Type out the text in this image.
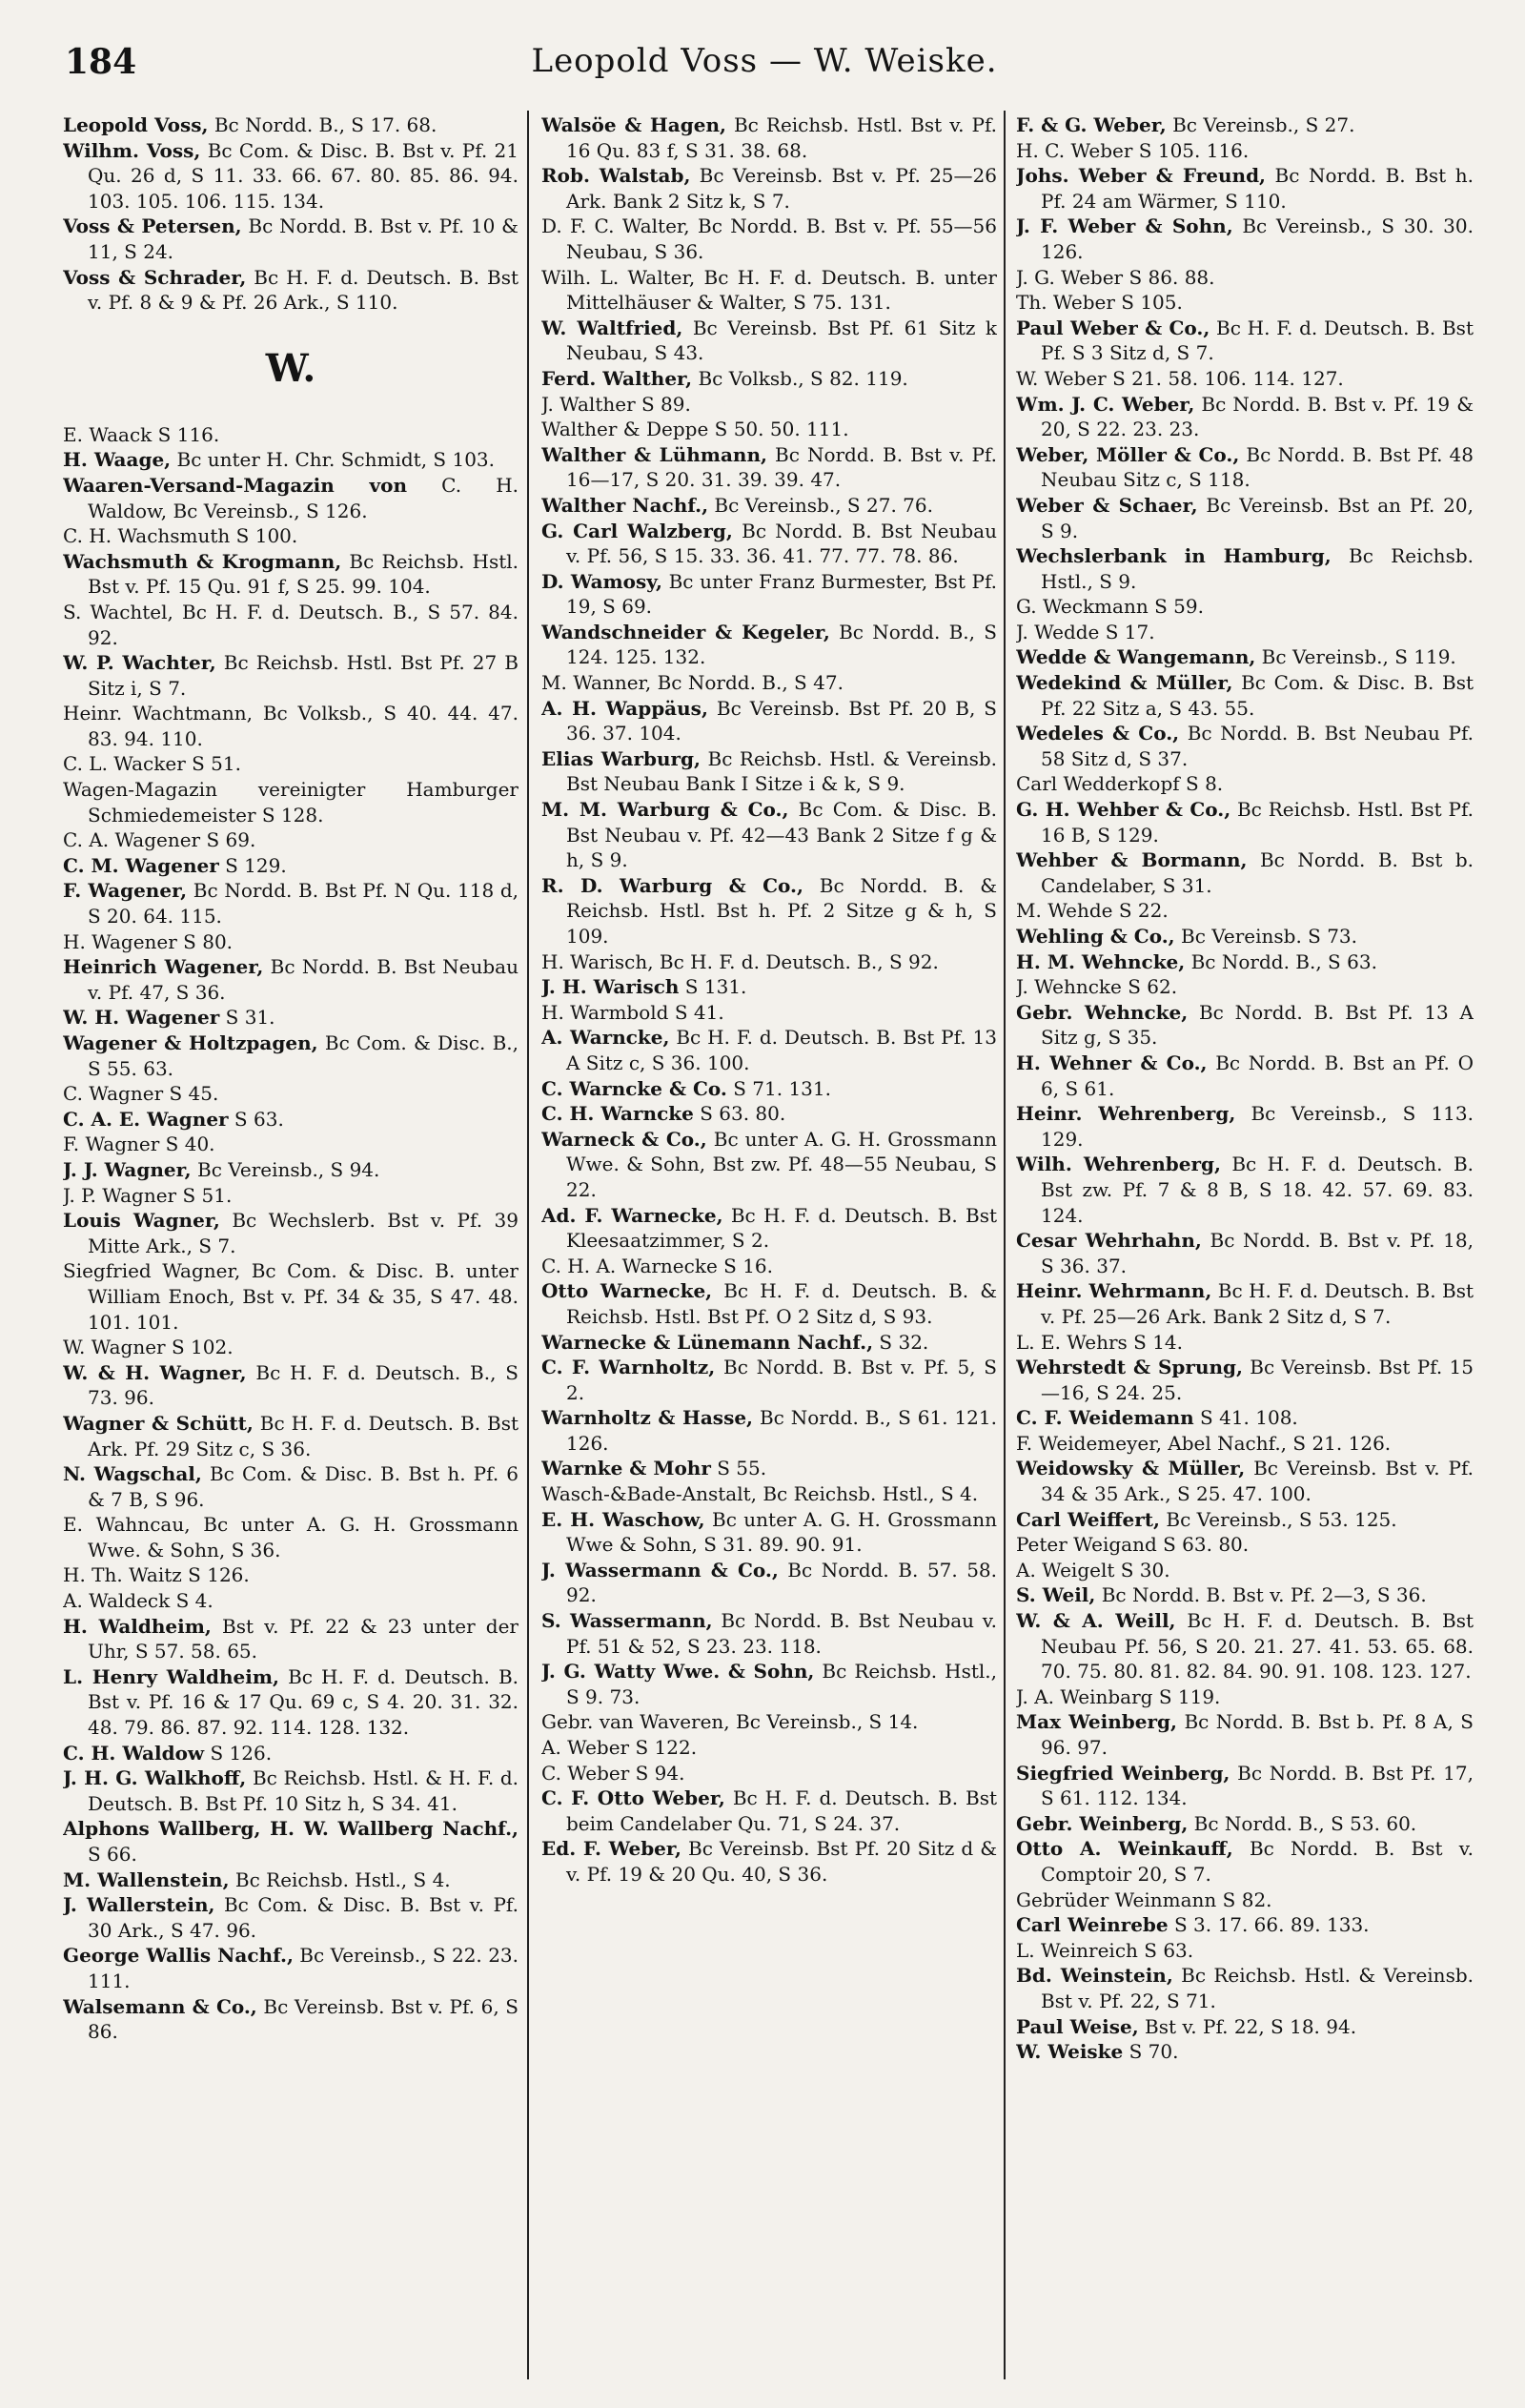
184	Leopold Voss — W. Weiske.

Leopold Voss, Bc Nordd. B., S 17. 68.

Wilhm. Voss, Bc Com. & Disc. B. Bst v. Pf. 21 Qu. 26 d, S 11. 33. 66. 67. 80. 85. 86. 94. 103. 105. 106. 115. 134.

Voss & Petersen, Bc Nordd. B. Bst v. Pf. 10 & 11, S 24.

Voss & Schrader, Bc H. F. d. Deutsch. B. Bst v. Pf. 8 & 9 & Pf. 26 Ark., S 110.

W.

E. Waack S 116.

H. Waage, Bc unter H. Chr. Schmidt, S 103.

Waaren-Versand-Magazin von C. H. Waldow, Bc Vereinsb., S 126.

C. H. Wachsmuth S 100.

Wachsmuth & Krogmann, Bc Reichsb. Hstl. Bst v. Pf. 15 Qu. 91 f, S 25. 99. 104.

S. Wachtel, Bc H. F. d. Deutsch. B., S 57. 84. 92.

W. P. Wachter, Bc Reichsb. Hstl. Bst Pf. 27 B Sitz i, S 7.

Heinr. Wachtmann, Bc Volksb., S 40. 44. 47. 83. 94. 110.

C. L. Wacker S 51.

Wagen-Magazin vereinigter Hamburger Schmiedemeister S 128.

C. A. Wagener S 69.

C. M. Wagener S 129.

F. Wagener, Bc Nordd. B. Bst Pf. N Qu. 118 d, S 20. 64. 115.

H. Wagener S 80.

Heinrich Wagener, Bc Nordd. B. Bst Neubau v. Pf. 47, S 36.

W. H. Wagener S 31.

Wagener & Holtzpagen, Bc Com. & Disc. B., S 55. 63.

C. Wagner S 45.

C. A. E. Wagner S 63.

F. Wagner S 40.

J. J. Wagner, Bc Vereinsb., S 94.

J. P. Wagner S 51.

Louis Wagner, Bc Wechslerb. Bst v. Pf. 39 Mitte Ark., S 7.

Siegfried Wagner, Bc Com. & Disc. B. unter William Enoch, Bst v. Pf. 34 & 35, S 47. 48. 101. 101.

W. Wagner S 102.

W. & H. Wagner, Bc H. F. d. Deutsch. B., S 73. 96.

Wagner & Schütt, Bc H. F. d. Deutsch. B. Bst Ark. Pf. 29 Sitz c, S 36.

N. Wagschal, Bc Com. & Disc. B. Bst h. Pf. 6 & 7 B, S 96.

E. Wahncau, Bc unter A. G. H. Grossmann Wwe. & Sohn, S 36.

H. Th. Waitz S 126.

A. Waldeck S 4.

H. Waldheim, Bst v. Pf. 22 & 23 unter der Uhr, S 57. 58. 65.

L. Henry Waldheim, Bc H. F. d. Deutsch. B. Bst v. Pf. 16 & 17 Qu. 69 c, S 4. 20. 31. 32. 48. 79. 86. 87. 92. 114. 128. 132.

C. H. Waldow S 126.

J. H. G. Walkhoff, Bc Reichsb. Hstl. & H. F. d. Deutsch. B. Bst Pf. 10 Sitz h, S 34. 41.

Alphons Wallberg, H. W. Wallberg Nachf., S 66.

M. Wallenstein, Bc Reichsb. Hstl., S 4.

J. Wallerstein, Bc Com. & Disc. B. Bst v. Pf. 30 Ark., S 47. 96.

George Wallis Nachf., Bc Vereinsb., S 22. 23. 111.

Walsemann & Co., Bc Vereinsb. Bst v. Pf. 6, S 86.

Walsöe & Hagen, Bc Reichsb. Hstl. Bst v. Pf. 16 Qu. 83 f, S 31. 38. 68.

Rob. Walstab, Bc Vereinsb. Bst v. Pf. 25—26 Ark. Bank 2 Sitz k, S 7.

D. F. C. Walter, Bc Nordd. B. Bst v. Pf. 55—56 Neubau, S 36.

Wilh. L. Walter, Bc H. F. d. Deutsch. B. unter Mittelhäuser & Walter, S 75. 131.

W. Waltfried, Bc Vereinsb. Bst Pf. 61 Sitz k Neubau, S 43.

Ferd. Walther, Bc Volksb., S 82. 119.

J. Walther S 89.

Walther & Deppe S 50. 50. 111.

Walther & Lühmann, Bc Nordd. B. Bst v. Pf. 16—17, S 20. 31. 39. 39. 47.

Walther Nachf., Bc Vereinsb., S 27. 76.

G. Carl Walzberg, Bc Nordd. B. Bst Neubau v. Pf. 56, S 15. 33. 36. 41. 77. 77. 78. 86.

D. Wamosy, Bc unter Franz Burmester, Bst Pf. 19, S 69.

Wandschneider & Kegeler, Bc Nordd. B., S 124. 125. 132.

M. Wanner, Bc Nordd. B., S 47.

A. H. Wappäus, Bc Vereinsb. Bst Pf. 20 B, S 36. 37. 104.

Elias Warburg, Bc Reichsb. Hstl. & Vereinsb. Bst Neubau Bank I Sitze i & k, S 9.

M. M. Warburg & Co., Bc Com. & Disc. B. Bst Neubau v. Pf. 42—43 Bank 2 Sitze f g & h, S 9.

R. D. Warburg & Co., Bc Nordd. B. & Reichsb. Hstl. Bst h. Pf. 2 Sitze g & h, S 109.

H. Warisch, Bc H. F. d. Deutsch. B., S 92.

J. H. Warisch S 131.

H. Warmbold S 41.

A. Warncke, Bc H. F. d. Deutsch. B. Bst Pf. 13 A Sitz c, S 36. 100.

C. Warncke & Co. S 71. 131.

C. H. Warncke S 63. 80.

Warneck & Co., Bc unter A. G. H. Grossmann Wwe. & Sohn, Bst zw. Pf. 48—55 Neubau, S 22.

Ad. F. Warnecke, Bc H. F. d. Deutsch. B. Bst Kleesaatzimmer, S 2.

C. H. A. Warnecke S 16.

Otto Warnecke, Bc H. F. d. Deutsch. B. & Reichsb. Hstl. Bst Pf. O 2 Sitz d, S 93.

Warnecke & Lünemann Nachf., S 32.

C. F. Warnholtz, Bc Nordd. B. Bst v. Pf. 5, S 2.

Warnholtz & Hasse, Bc Nordd. B., S 61. 121. 126.

Warnke & Mohr S 55.

Wasch-&Bade-Anstalt, Bc Reichsb. Hstl., S 4.

E. H. Waschow, Bc unter A. G. H. Grossmann Wwe & Sohn, S 31. 89. 90. 91.

J. Wassermann & Co., Bc Nordd. B. 57. 58. 92.

S. Wassermann, Bc Nordd. B. Bst Neubau v. Pf. 51 & 52, S 23. 23. 118.

J. G. Watty Wwe. & Sohn, Bc Reichsb. Hstl., S 9. 73.

Gebr. van Waveren, Bc Vereinsb., S 14.

A. Weber S 122.

C. Weber S 94.

C. F. Otto Weber, Bc H. F. d. Deutsch. B. Bst beim Candelaber Qu. 71, S 24. 37.

Ed. F. Weber, Bc Vereinsb. Bst Pf. 20 Sitz d & v. Pf. 19 & 20 Qu. 40, S 36.

F. & G. Weber, Bc Vereinsb., S 27.

H. C. Weber S 105. 116.

Johs. Weber & Freund, Bc Nordd. B. Bst h. Pf. 24 am Wärmer, S 110.

J. F. Weber & Sohn, Bc Vereinsb., S 30. 30. 126.

J. G. Weber S 86. 88.

Th. Weber S 105.

Paul Weber & Co., Bc H. F. d. Deutsch. B. Bst Pf. S 3 Sitz d, S 7.

W. Weber S 21. 58. 106. 114. 127.

Wm. J. C. Weber, Bc Nordd. B. Bst v. Pf. 19 & 20, S 22. 23. 23.

Weber, Möller & Co., Bc Nordd. B. Bst Pf. 48 Neubau Sitz c, S 118.

Weber & Schaer, Bc Vereinsb. Bst an Pf. 20, S 9.

Wechslerbank in Hamburg, Bc Reichsb. Hstl., S 9.

G. Weckmann S 59.

J. Wedde S 17.

Wedde & Wangemann, Bc Vereinsb., S 119.

Wedekind & Müller, Bc Com. & Disc. B. Bst Pf. 22 Sitz a, S 43. 55.

Wedeles & Co., Bc Nordd. B. Bst Neubau Pf. 58 Sitz d, S 37.

Carl Wedderkopf S 8.

G. H. Wehber & Co., Bc Reichsb. Hstl. Bst Pf. 16 B, S 129.

Wehber & Bormann, Bc Nordd. B. Bst b. Candelaber, S 31.

M. Wehde S 22.

Wehling & Co., Bc Vereinsb. S 73.

H. M. Wehncke, Bc Nordd. B., S 63.

J. Wehncke S 62.

Gebr. Wehncke, Bc Nordd. B. Bst Pf. 13 A Sitz g, S 35.

H. Wehner & Co., Bc Nordd. B. Bst an Pf. O 6, S 61.

Heinr. Wehrenberg, Bc Vereinsb., S 113. 129.

Wilh. Wehrenberg, Bc H. F. d. Deutsch. B. Bst zw. Pf. 7 & 8 B, S 18. 42. 57. 69. 83. 124.

Cesar Wehrhahn, Bc Nordd. B. Bst v. Pf. 18, S 36. 37.

Heinr. Wehrmann, Bc H. F. d. Deutsch. B. Bst v. Pf. 25—26 Ark. Bank 2 Sitz d, S 7.

L. E. Wehrs S 14.

Wehrstedt & Sprung, Bc Vereinsb. Bst Pf. 15—16, S 24. 25.

C. F. Weidemann S 41. 108.

F. Weidemeyer, Abel Nachf., S 21. 126.

Weidowsky & Müller, Bc Vereinsb. Bst v. Pf. 34 & 35 Ark., S 25. 47. 100.

Carl Weiffert, Bc Vereinsb., S 53. 125.

Peter Weigand S 63. 80.

A. Weigelt S 30.

S. Weil, Bc Nordd. B. Bst v. Pf. 2—3, S 36.

W. & A. Weill, Bc H. F. d. Deutsch. B. Bst Neubau Pf. 56, S 20. 21. 27. 41. 53. 65. 68. 70. 75. 80. 81. 82. 84. 90. 91. 108. 123. 127.

J. A. Weinbarg S 119.

Max Weinberg, Bc Nordd. B. Bst b. Pf. 8 A, S 96. 97.

Siegfried Weinberg, Bc Nordd. B. Bst Pf. 17, S 61. 112. 134.

Gebr. Weinberg, Bc Nordd. B., S 53. 60.

Otto A. Weinkauff, Bc Nordd. B. Bst v. Comptoir 20, S 7.

Gebrüder Weinmann S 82.

Carl Weinrebe S 3. 17. 66. 89. 133.

L. Weinreich S 63.

Bd. Weinstein, Bc Reichsb. Hstl. & Vereinsb. Bst v. Pf. 22, S 71.

Paul Weise, Bst v. Pf. 22, S 18. 94.

W. Weiske S 70.
